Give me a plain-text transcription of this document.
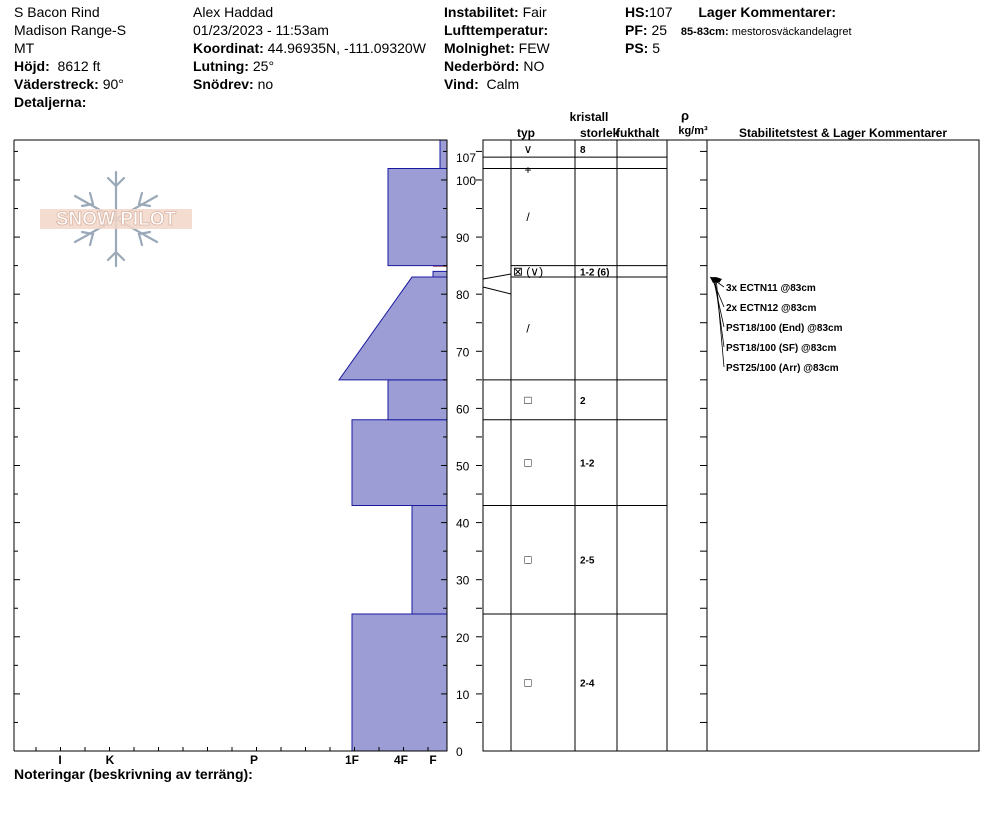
S Bacon Rind
Madison Range-S
MT
Höjd: 8612 ft
Väderstreck: 90°
Detaljerna:
Alex Haddad
01/23/2023 - 11:53am
Koordinat: 44.96935N, -111.09320W
Lutning: 25°
Snödrev: no
Instabilitet: Fair
Lufttemperatur:
Molnighet: FEW
Nederbörd: NO
Vind: Calm
HS:107 Lager Kommentarer:
PF: 25 85-83cm: mestorosväckandelagret
PS: 5
SNOW PILOT
0
10
20
30
40
50
60
70
80
90
100
107
I	K	P	1F	4F F
∨	8
+
/
⊠ (∨)	1-2 (6)
/
□	2
□	1-2
□	2-5
□	2-4
3x ECTN11 @83cm
2x ECTN12 @83cm
PST18/100 (End) @83cm
PST18/100 (SF) @83cm
PST25/100 (Arr) @83cm
kristall
typ	storlek
fukthalt
ρ
kg/m³	Stabilitetstest & Lager Kommentarer
Noteringar (beskrivning av terräng):
